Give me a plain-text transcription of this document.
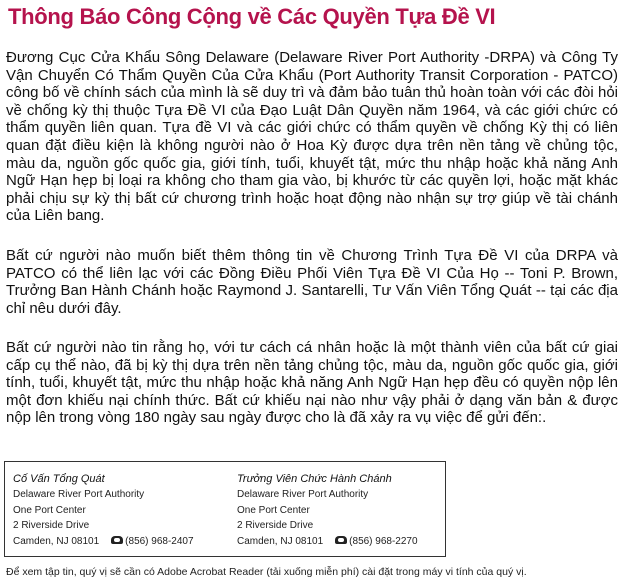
Thông Báo Công Cộng về Các Quyền Tựa Đề VI

Đương Cục Cửa Khẩu Sông Delaware (Delaware River Port Authority -DRPA) và Công Ty Vận Chuyển Có Thẩm Quyền Của Cửa Khẩu (Port Authority Transit Corporation - PATCO) công bố về chính sách của mình là sẽ duy trì và đảm bảo tuân thủ hoàn toàn với các đòi hỏi về chống kỳ thị thuộc Tựa Đề VI của Đạo Luật Dân Quyền năm 1964, và các giới chức có thẩm quyền liên quan. Tựa đề VI và các giới chức có thẩm quyền về chống Kỳ thị có liên quan đặt điều kiện là không người nào ở Hoa Kỳ được dựa trên nền tảng về chủng tộc, màu da, nguồn gốc quốc gia, giới tính, tuổi, khuyết tật, mức thu nhập hoặc khả năng Anh Ngữ Hạn hẹp bị loại ra không cho tham gia vào, bị khước từ các quyền lợi, hoặc mặt khác phải chịu sự kỳ thị bất cứ chương trình hoặc hoạt động nào nhận sự trợ giúp về tài chánh của Liên bang.

Bất cứ người nào muốn biết thêm thông tin về Chương Trình Tựa Đề VI của DRPA và PATCO có thể liên lạc với các Đồng Điều Phối Viên Tựa Đề VI Của Họ -- Toni P. Brown, Trưởng Ban Hành Chánh hoặc Raymond J. Santarelli, Tư Vấn Viên Tổng Quát -- tại các địa chỉ nêu dưới đây.

Bất cứ người nào tin rằng họ, với tư cách cá nhân hoặc là một thành viên của bất cứ giai cấp cụ thể nào, đã bị kỳ thị dựa trên nền tảng chủng tộc, màu da, nguồn gốc quốc gia, giới tính, tuổi, khuyết tật, mức thu nhập hoặc khả năng Anh Ngữ Hạn hẹp đều có quyền nộp lên một đơn khiếu nại chính thức. Bất cứ khiếu nại nào như vậy phải ở dạng văn bản & được nộp lên trong vòng 180 ngày sau ngày được cho là đã xảy ra vụ việc để gửi đến:.

Cố Vấn Tổng Quát
Delaware River Port Authority
One Port Center
2 Riverside Drive
Camden, NJ 08101	(856) 968-2407
Trưởng Viên Chức Hành Chánh
Delaware River Port Authority
One Port Center
2 Riverside Drive
Camden, NJ 08101	(856) 968-2270
Để xem tập tin, quý vị sẽ cần có Adobe Acrobat Reader (tải xuống miễn phí) cài đặt trong máy vi tính của quý vị.
